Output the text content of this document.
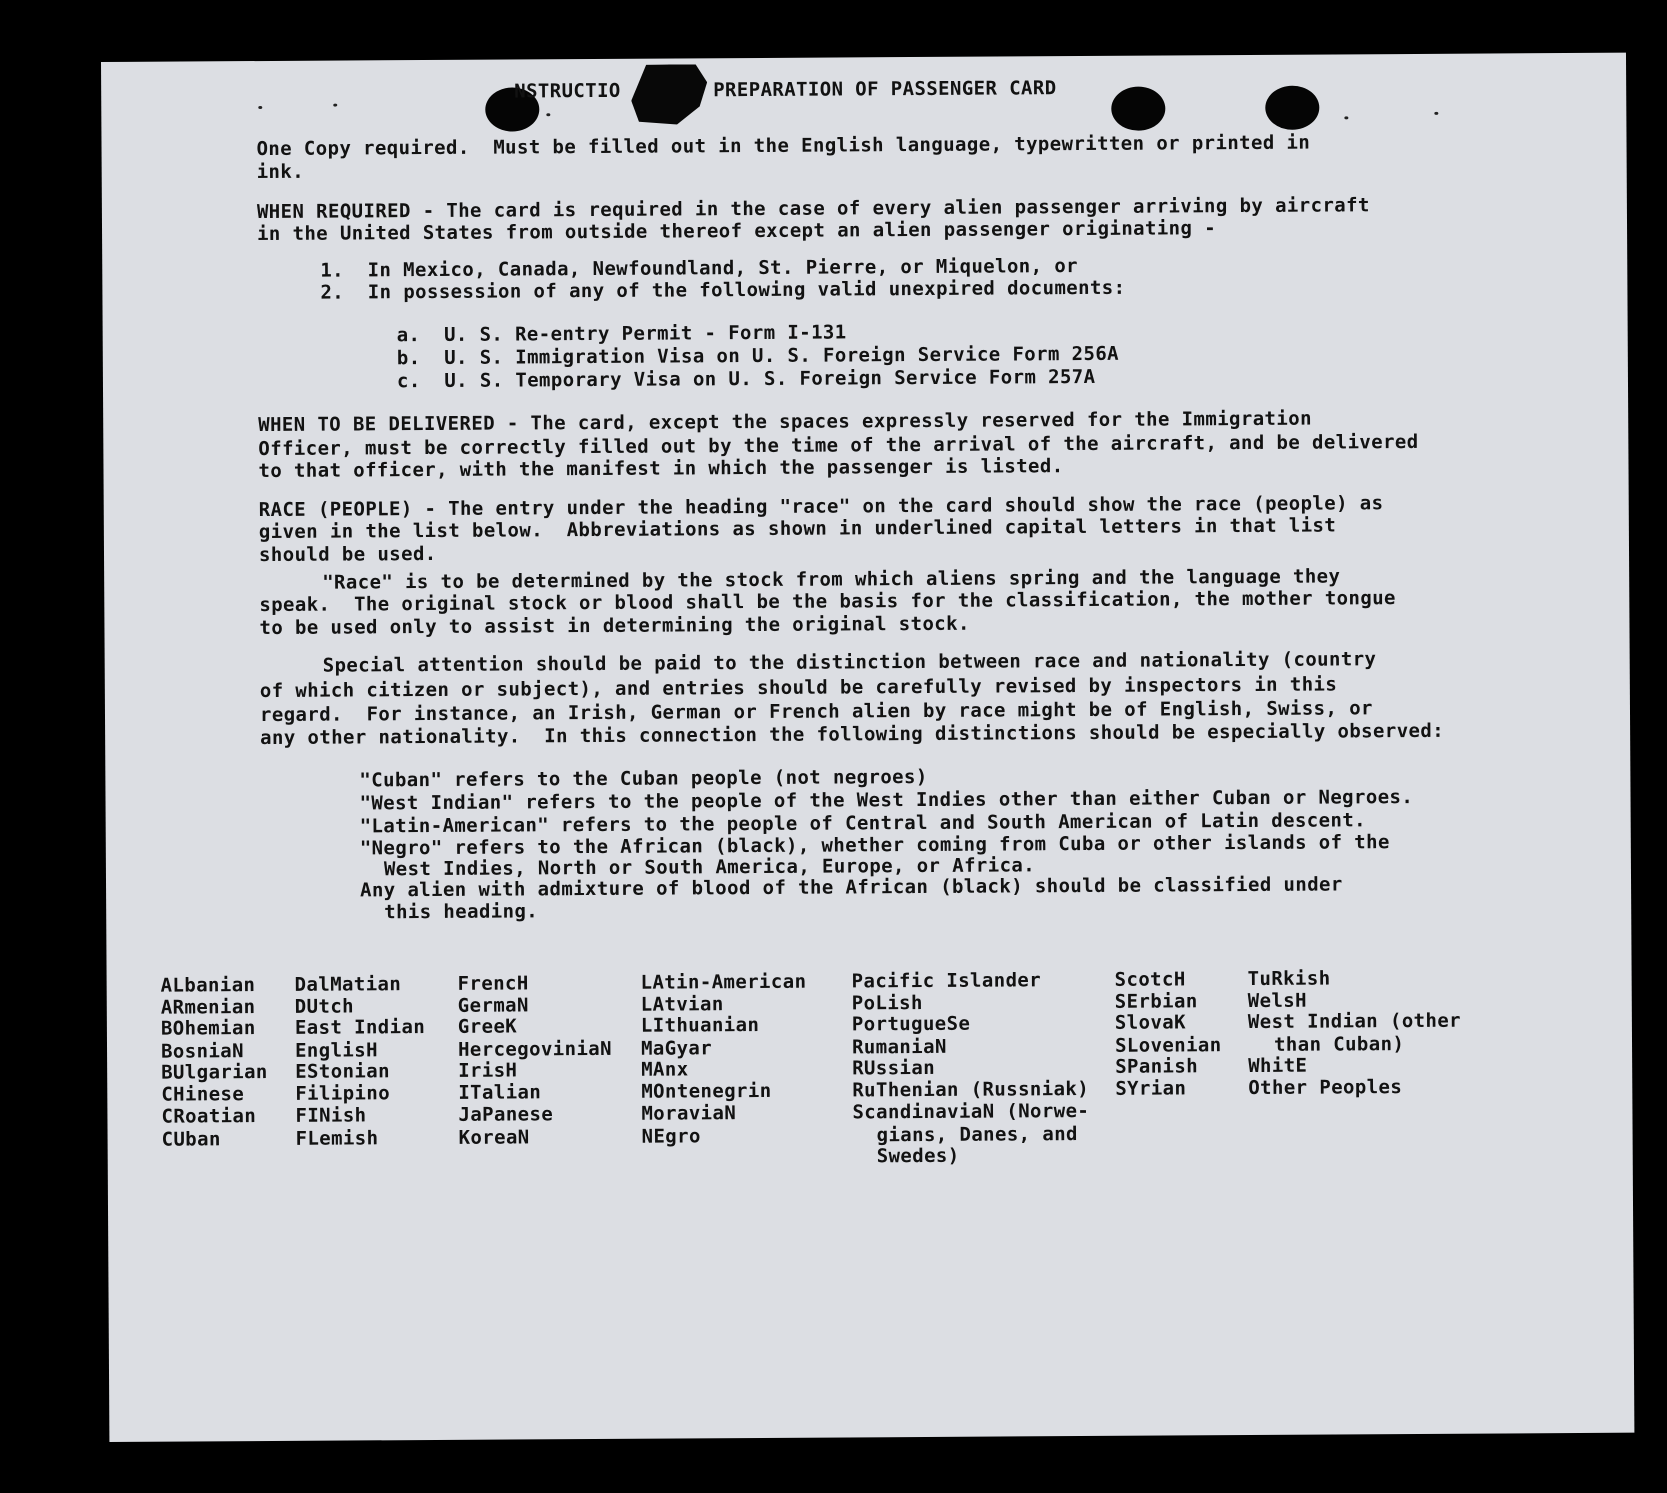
NSTRUCTIO	PREPARATION OF PASSENGER CARD
One Copy required.  Must be filled out in the English language, typewritten or printed in
ink.
WHEN REQUIRED - The card is required in the case of every alien passenger arriving by aircraft
in the United States from outside thereof except an alien passenger originating -
1.  In Mexico, Canada, Newfoundland, St. Pierre, or Miquelon, or
2.  In possession of any of the following valid unexpired documents:
a.  U. S. Re-entry Permit - Form I-131
b.  U. S. Immigration Visa on U. S. Foreign Service Form 256A
c.  U. S. Temporary Visa on U. S. Foreign Service Form 257A
WHEN TO BE DELIVERED - The card, except the spaces expressly reserved for the Immigration
Officer, must be correctly filled out by the time of the arrival of the aircraft, and be delivered
to that officer, with the manifest in which the passenger is listed.
RACE (PEOPLE) - The entry under the heading "race" on the card should show the race (people) as
given in the list below.  Abbreviations as shown in underlined capital letters in that list
should be used.
"Race" is to be determined by the stock from which aliens spring and the language they
speak.  The original stock or blood shall be the basis for the classification, the mother tongue
to be used only to assist in determining the original stock.
Special attention should be paid to the distinction between race and nationality (country
of which citizen or subject), and entries should be carefully revised by inspectors in this
regard.  For instance, an Irish, German or French alien by race might be of English, Swiss, or
any other nationality.  In this connection the following distinctions should be especially observed:
"Cuban" refers to the Cuban people (not negroes)
"West Indian" refers to the people of the West Indies other than either Cuban or Negroes.
"Latin-American" refers to the people of Central and South American of Latin descent.
"Negro" refers to the African (black), whether coming from Cuba or other islands of the
West Indies, North or South America, Europe, or Africa.
Any alien with admixture of blood of the African (black) should be classified under
this heading.
ALbanian
ARmenian
BOhemian
BosniaN
BUlgarian
CHinese
CRoatian
CUban
DalMatian
DUtch
East Indian
EnglisH
EStonian
Filipino
FINish
FLemish
FrencH
GermaN
GreeK
HercegoviniaN
IrisH
ITalian
JaPanese
KoreaN
LAtin-American
LAtvian
LIthuanian
MaGyar
MAnx
MOntenegrin
MoraviaN
NEgro
Pacific Islander
PoLish
PortugueSe
RumaniaN
RUssian
RuThenian (Russniak)
ScandinaviaN (Norwe-
gians, Danes, and
Swedes)
ScotcH
SErbian
SlovaK
SLovenian
SPanish
SYrian
TuRkish
WelsH
West Indian (other
than Cuban)
WhitE
Other Peoples
